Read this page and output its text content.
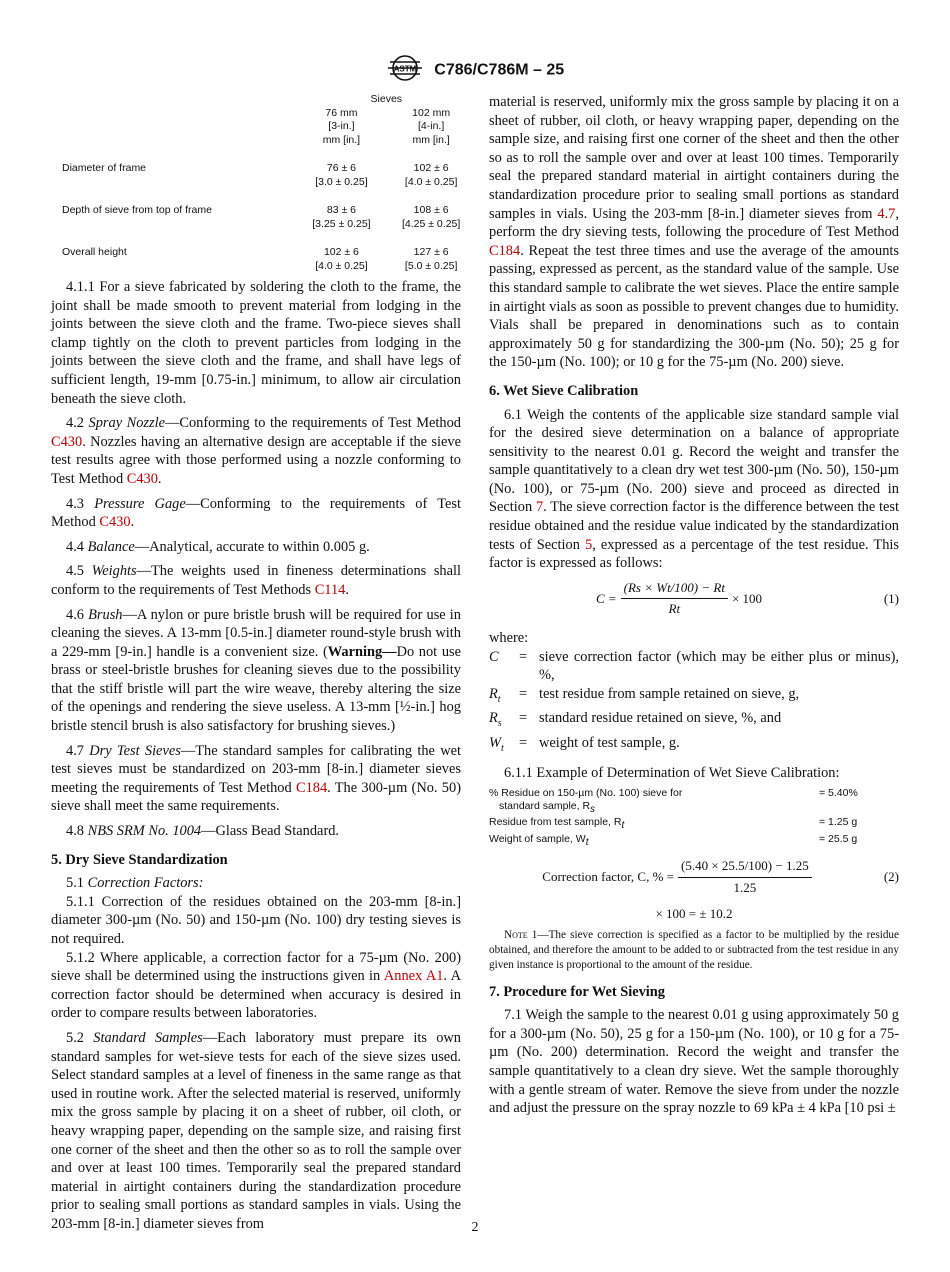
ASTM C786/C786M – 25
	Sieves	
	76 mm	102 mm
	[3-in.]	[4-in.]
	mm [in.]	mm [in.]

Diameter of frame	76 ± 6	102 ± 6
	[3.0 ± 0.25]	[4.0 ± 0.25]

Depth of sieve from top of frame	83 ± 6	108 ± 6
	[3.25 ± 0.25]	[4.25 ± 0.25]

Overall height	102 ± 6	127 ± 6
	[4.0 ± 0.25]	[5.0 ± 0.25]

4.1.1 For a sieve fabricated by soldering the cloth to the frame, the joint shall be made smooth to prevent material from lodging in the joints between the sieve cloth and the frame. Two-piece sieves shall clamp tightly on the cloth to prevent particles from lodging in the joints between the sieve cloth and the frame, and shall have legs of sufficient length, 19-mm [0.75-in.] minimum, to allow air circulation beneath the sieve cloth.

4.2 Spray Nozzle—Conforming to the requirements of Test Method C430. Nozzles having an alternative design are acceptable if the sieve test results agree with those performed using a nozzle conforming to Test Method C430.

4.3 Pressure Gage—Conforming to the requirements of Test Method C430.

4.4 Balance—Analytical, accurate to within 0.005 g.

4.5 Weights—The weights used in fineness determinations shall conform to the requirements of Test Methods C114.

4.6 Brush—A nylon or pure bristle brush will be required for use in cleaning the sieves. A 13-mm [0.5-in.] diameter round-style brush with a 229-mm [9-in.] handle is a convenient size. (Warning—Do not use brass or steel-bristle brushes for cleaning sieves due to the possibility that the stiff bristle will part the wire weave, thereby altering the size of the openings and rendering the sieve useless. A 13-mm [½-in.] hog bristle stencil brush is also satisfactory for brushing sieves.)

4.7 Dry Test Sieves—The standard samples for calibrating the wet test sieves must be standardized on 203-mm [8-in.] diameter sieves meeting the requirements of Test Method C184. The 300-µm (No. 50) sieve shall meet the same requirements.

4.8 NBS SRM No. 1004—Glass Bead Standard.

5. Dry Sieve Standardization

5.1 Correction Factors:

5.1.1 Correction of the residues obtained on the 203-mm [8-in.] diameter 300-µm (No. 50) and 150-µm (No. 100) dry testing sieves is not required.

5.1.2 Where applicable, a correction factor for a 75-µm (No. 200) sieve shall be determined using the instructions given in Annex A1. A correction factor should be determined when accuracy is desired in order to compare results between laboratories.

5.2 Standard Samples—Each laboratory must prepare its own standard samples for wet-sieve tests for each of the sieve sizes used. Select standard samples at a level of fineness in the same range as that used in routine work. After the selected material is reserved, uniformly mix the gross sample by placing it on a sheet of rubber, oil cloth, or heavy wrapping paper, depending on the sample size, and raising first one corner of the sheet and then the other so as to roll the sample over and over at least 100 times. Temporarily seal the prepared standard material in airtight containers during the standardization procedure prior to sealing small portions as standard samples in vials. Using the 203-mm [8-in.] diameter sieves from

material is reserved, uniformly mix the gross sample by placing it on a sheet of rubber, oil cloth, or heavy wrapping paper, depending on the sample size, and raising first one corner of the sheet and then the other so as to roll the sample over and over at least 100 times. Temporarily seal the prepared standard material in airtight containers during the standardization procedure prior to sealing small portions as standard samples in vials. Using the 203-mm [8-in.] diameter sieves from 4.7, perform the dry sieving tests, following the procedure of Test Method C184. Repeat the test three times and use the average of the amounts passing, expressed as percent, as the standard value of the sample. Use this standard sample to calibrate the wet sieves. Place the entire sample in airtight vials as soon as possible to prevent changes due to humidity. Vials shall be prepared in denominations such as to contain approximately 50 g for standardizing the 300-µm (No. 50); 25 g for the 150-µm (No. 100); or 10 g for the 75-µm (No. 200) sieve.

6. Wet Sieve Calibration

6.1 Weigh the contents of the applicable size standard sample vial for the desired sieve determination on a balance of appropriate sensitivity to the nearest 0.01 g. Record the weight and transfer the sample quantitatively to a clean dry wet test 300-µm (No. 50), 150-µm (No. 100), or 75-µm (No. 200) sieve and proceed as directed in Section 7. The sieve correction factor is the difference between the test residue obtained and the residue value indicated by the standardization tests of Section 5, expressed as a percentage of the test residue. This factor is expressed as follows:

$C = \frac{(Rs \times Wt/100) - Rt}{Rt} \times 100$	(1)

where:

C	= sieve correction factor (which may be either plus or minus), %,
$R_t$	= test residue from sample retained on sieve, g,
$R_s$	= standard residue retained on sieve, %, and
$W_t$	= weight of test sample, g.

6.1.1 Example of Determination of Wet Sieve Calibration:

% Residue on 150-µm (No. 100) sieve for	= 5.40%
standard sample, $R_s$
Residue from test sample, $R_t$	= 1.25 g
Weight of sample, $W_t$	= 25.5 g
Correction factor, C, % = $\frac{(5.40 \times 25.5/100) - 1.25}{1.25}$	(2)
× 100 = ± 10.2

Note 1—The sieve correction is specified as a factor to be multiplied by the residue obtained, and therefore the amount to be added to or subtracted from the test residue in any given instance is proportional to the amount of the residue.

7. Procedure for Wet Sieving

7.1 Weigh the sample to the nearest 0.01 g using approximately 50 g for a 300-µm (No. 50), 25 g for a 150-µm (No. 100), or 10 g for a 75-µm (No. 200) determination. Record the weight and transfer the sample quantitatively to a clean dry sieve. Wet the sample thoroughly with a gentle stream of water. Remove the sieve from under the nozzle and adjust the pressure on the spray nozzle to 69 kPa ± 4 kPa [10 psi ±

2
